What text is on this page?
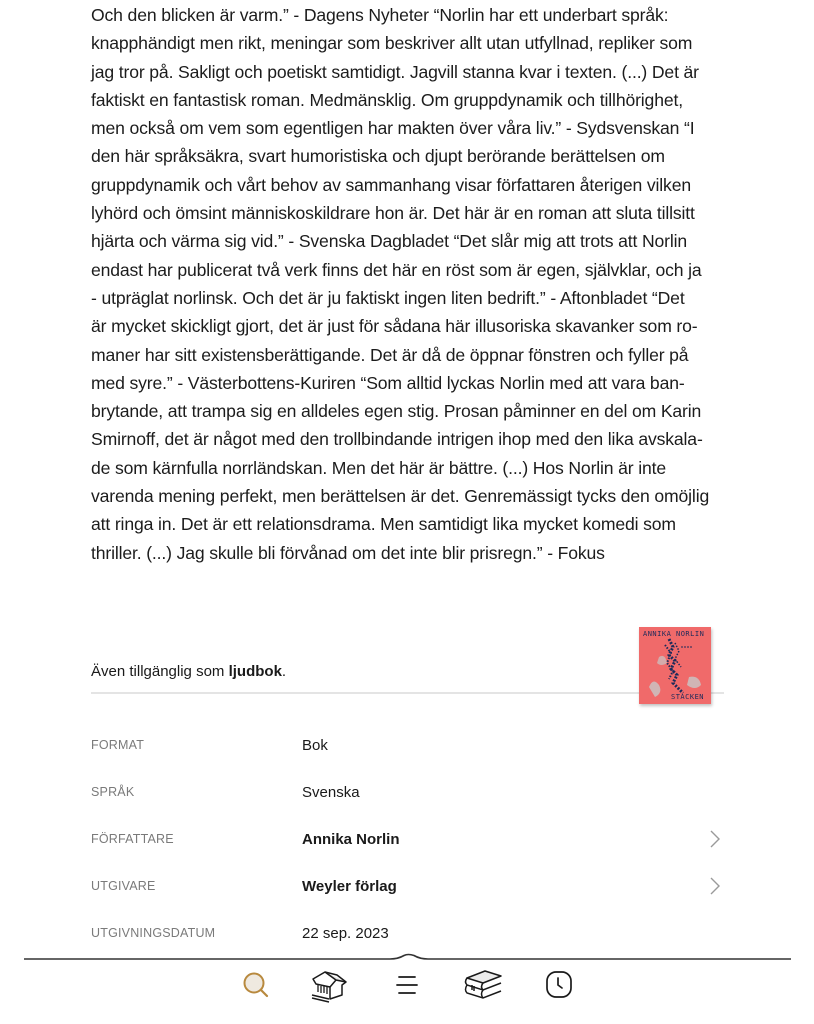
Och den blicken är varm.” - Dagens Nyheter “Norlin har ett underbart språk:
knapphändigt men rikt, meningar som beskriver allt utan utfyllnad, repliker som
jag tror på. Sakligt och poetiskt samtidigt. Jagvill stanna kvar i texten. (...) Det är
faktiskt en fantastisk roman. Medmänsklig. Om gruppdynamik och tillhörighet,
men också om vem som egentligen har makten över våra liv.” - Sydsvenskan “I
den här språksäkra, svart humoristiska och djupt berörande berättelsen om
gruppdynamik och vårt behov av sammanhang visar författaren återigen vilken
lyhörd och ömsint människoskildrare hon är. Det här är en roman att sluta tillsitt
hjärta och värma sig vid.” - Svenska Dagbladet “Det slår mig att trots att Norlin
endast har publicerat två verk finns det här en röst som är egen, självklar, och ja
- utpräglat norlinsk. Och det är ju faktiskt ingen liten bedrift.” - Aftonbladet “Det
är mycket skickligt gjort, det är just för sådana här illusoriska skavanker som ro-
maner har sitt existensberättigande. Det är då de öppnar fönstren och fyller på
med syre.” - Västerbottens-Kuriren “Som alltid lyckas Norlin med att vara ban-
brytande, att trampa sig en alldeles egen stig. Prosan påminner en del om Karin
Smirnoff, det är något med den trollbindande intrigen ihop med den lika avskala-
de som kärnfulla norrländskan. Men det här är bättre. (...) Hos Norlin är inte
varenda mening perfekt, men berättelsen är det. Genremässigt tycks den omöjlig
att ringa in. Det är ett relationsdrama. Men samtidigt lika mycket komedi som
thriller. (...) Jag skulle bli förvånad om det inte blir prisregn.” - Fokus
Även tillgänglig som ljudbok.
ANNIKA NORLIN
STACKEN
FORMAT	Bok
SPRÅK	Svenska
FÖRFATTARE	Annika Norlin
UTGIVARE	Weyler förlag
UTGIVNINGSDATUM	22 sep. 2023
